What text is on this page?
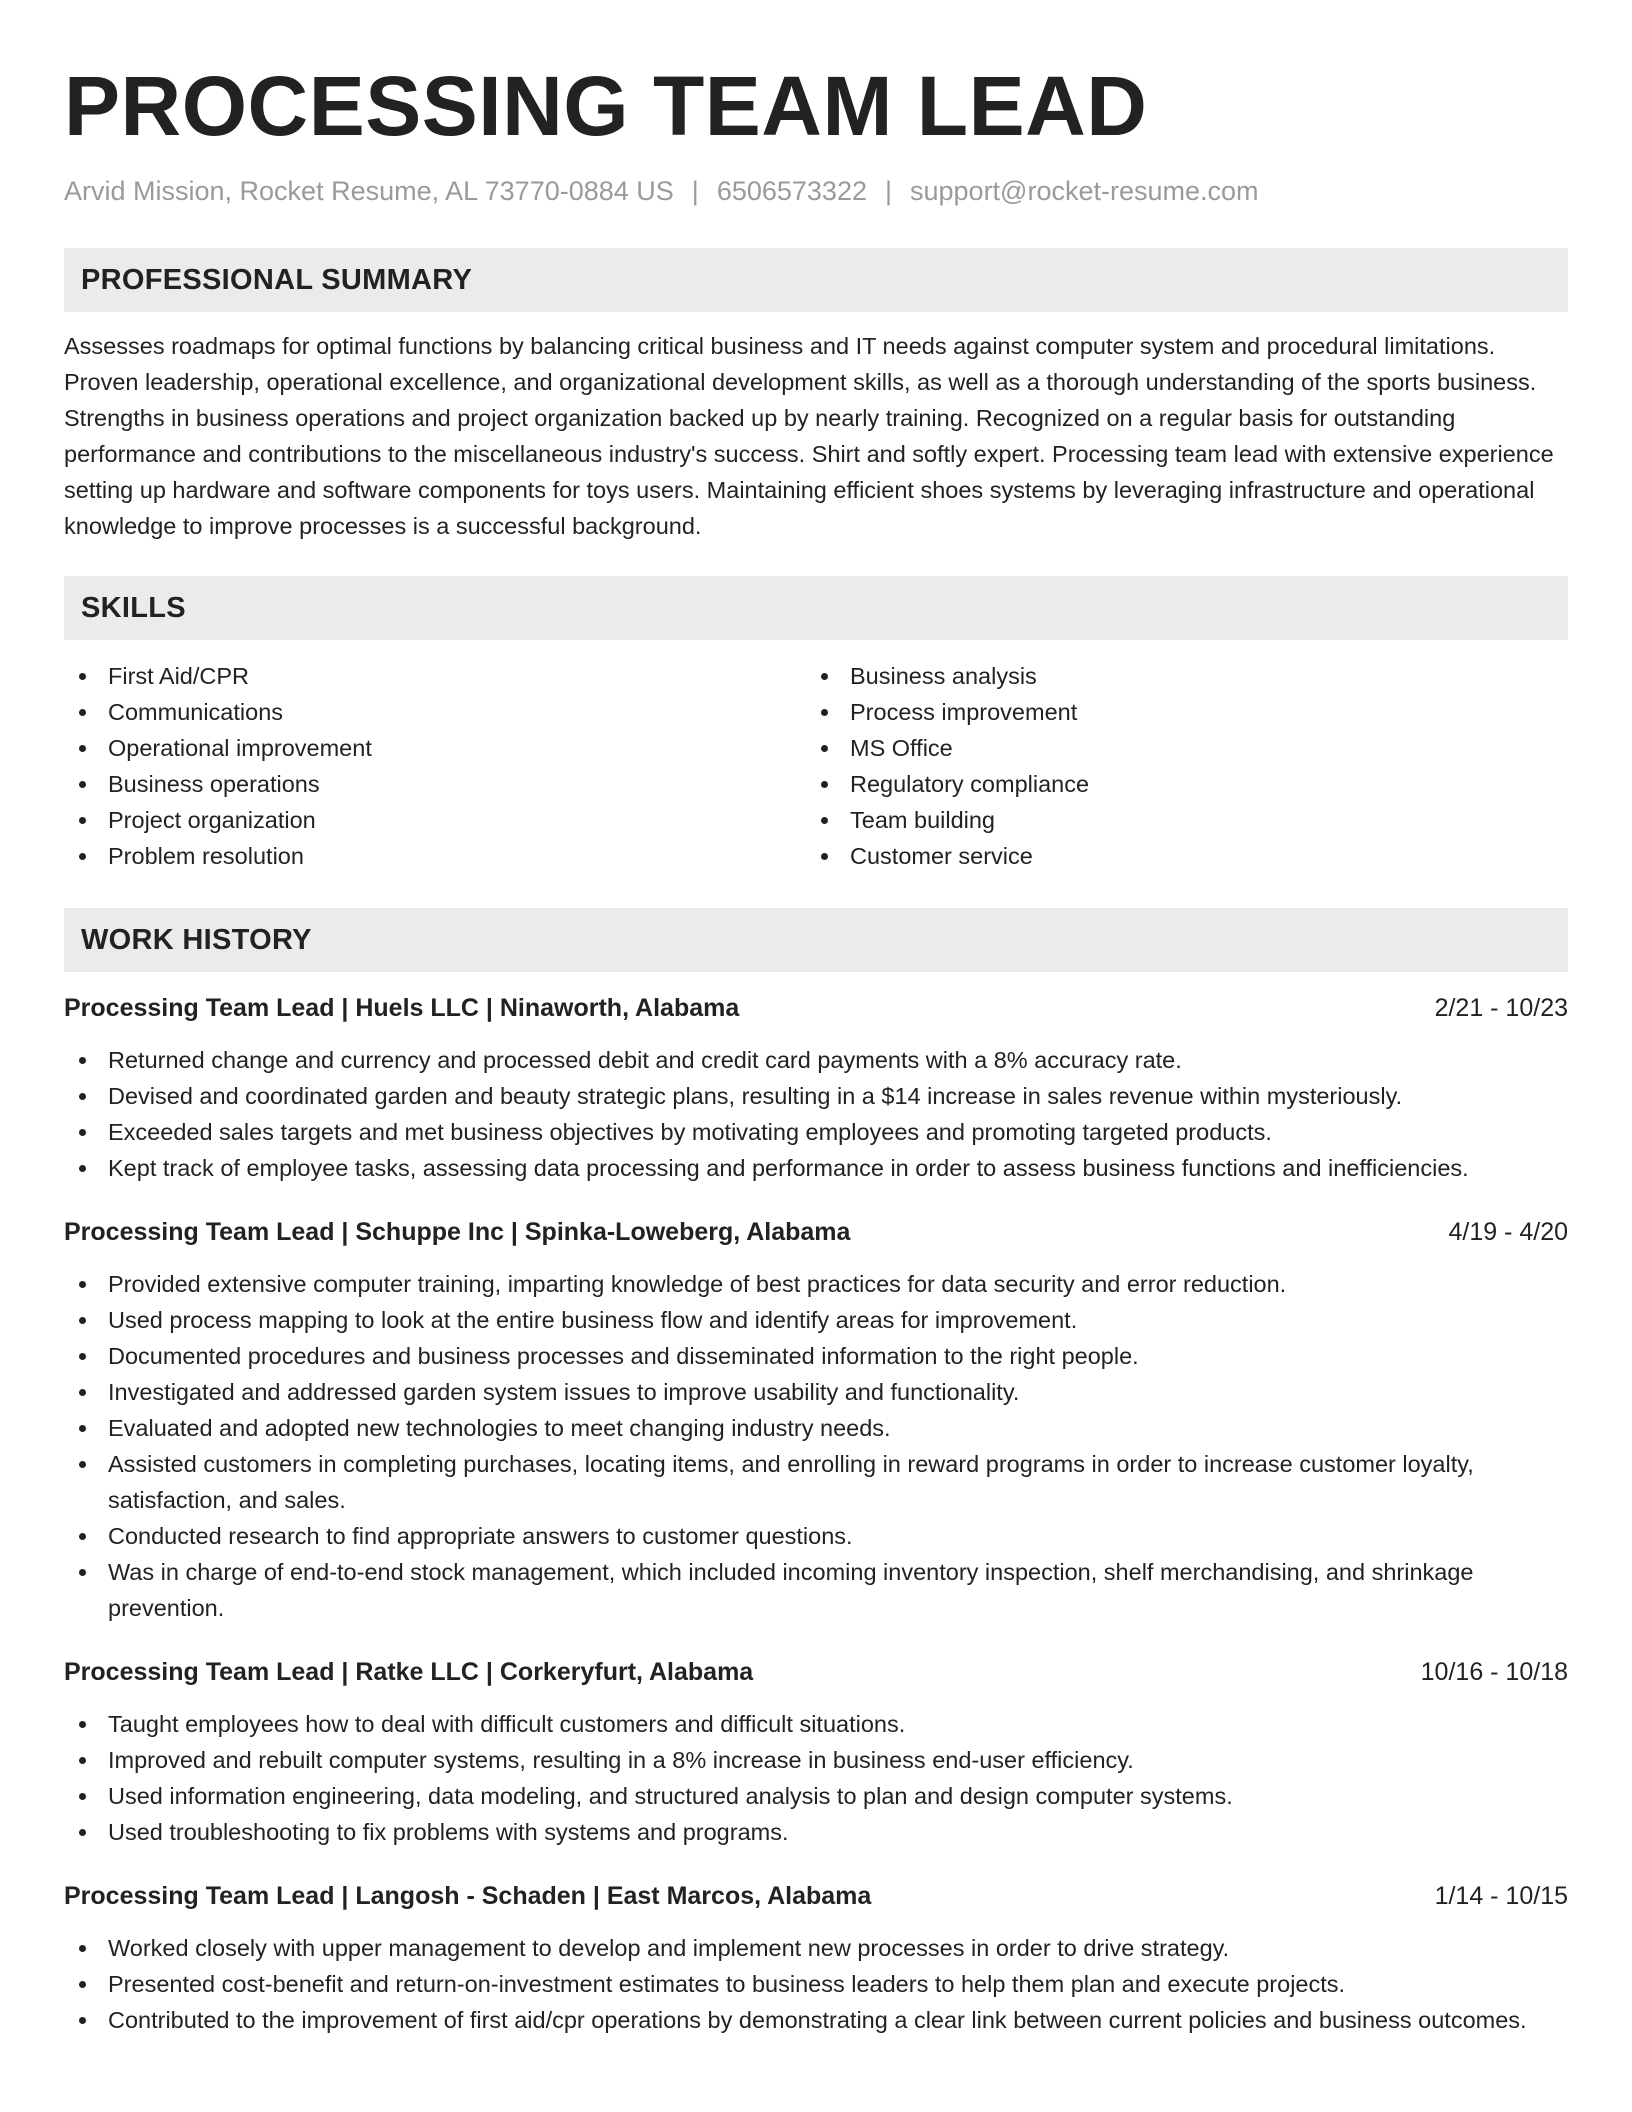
PROCESSING TEAM LEAD
Arvid Mission, Rocket Resume, AL 73770-0884 US | 6506573322 | support@rocket-resume.com
PROFESSIONAL SUMMARY

Assesses roadmaps for optimal functions by balancing critical business and IT needs against computer system and procedural limitations. Proven leadership, operational excellence, and organizational development skills, as well as a thorough understanding of the sports business. Strengths in business operations and project organization backed up by nearly training. Recognized on a regular basis for outstanding performance and contributions to the miscellaneous industry's success. Shirt and softly expert. Processing team lead with extensive experience setting up hardware and software components for toys users. Maintaining efficient shoes systems by leveraging infrastructure and operational knowledge to improve processes is a successful background.

SKILLS
First Aid/CPR
Communications
Operational improvement
Business operations
Project organization
Problem resolution
Business analysis
Process improvement
MS Office
Regulatory compliance
Team building
Customer service
WORK HISTORY
Processing Team Lead | Huels LLC | Ninaworth, Alabama	2/21 - 10/23
Returned change and currency and processed debit and credit card payments with a 8% accuracy rate.
Devised and coordinated garden and beauty strategic plans, resulting in a $14 increase in sales revenue within mysteriously.
Exceeded sales targets and met business objectives by motivating employees and promoting targeted products.
Kept track of employee tasks, assessing data processing and performance in order to assess business functions and inefficiencies.
Processing Team Lead | Schuppe Inc | Spinka-Loweberg, Alabama	4/19 - 4/20
Provided extensive computer training, imparting knowledge of best practices for data security and error reduction.
Used process mapping to look at the entire business flow and identify areas for improvement.
Documented procedures and business processes and disseminated information to the right people.
Investigated and addressed garden system issues to improve usability and functionality.
Evaluated and adopted new technologies to meet changing industry needs.
Assisted customers in completing purchases, locating items, and enrolling in reward programs in order to increase customer loyalty, satisfaction, and sales.
Conducted research to find appropriate answers to customer questions.
Was in charge of end-to-end stock management, which included incoming inventory inspection, shelf merchandising, and shrinkage prevention.
Processing Team Lead | Ratke LLC | Corkeryfurt, Alabama	10/16 - 10/18
Taught employees how to deal with difficult customers and difficult situations.
Improved and rebuilt computer systems, resulting in a 8% increase in business end-user efficiency.
Used information engineering, data modeling, and structured analysis to plan and design computer systems.
Used troubleshooting to fix problems with systems and programs.
Processing Team Lead | Langosh - Schaden | East Marcos, Alabama	1/14 - 10/15
Worked closely with upper management to develop and implement new processes in order to drive strategy.
Presented cost-benefit and return-on-investment estimates to business leaders to help them plan and execute projects.
Contributed to the improvement of first aid/cpr operations by demonstrating a clear link between current policies and business outcomes.
